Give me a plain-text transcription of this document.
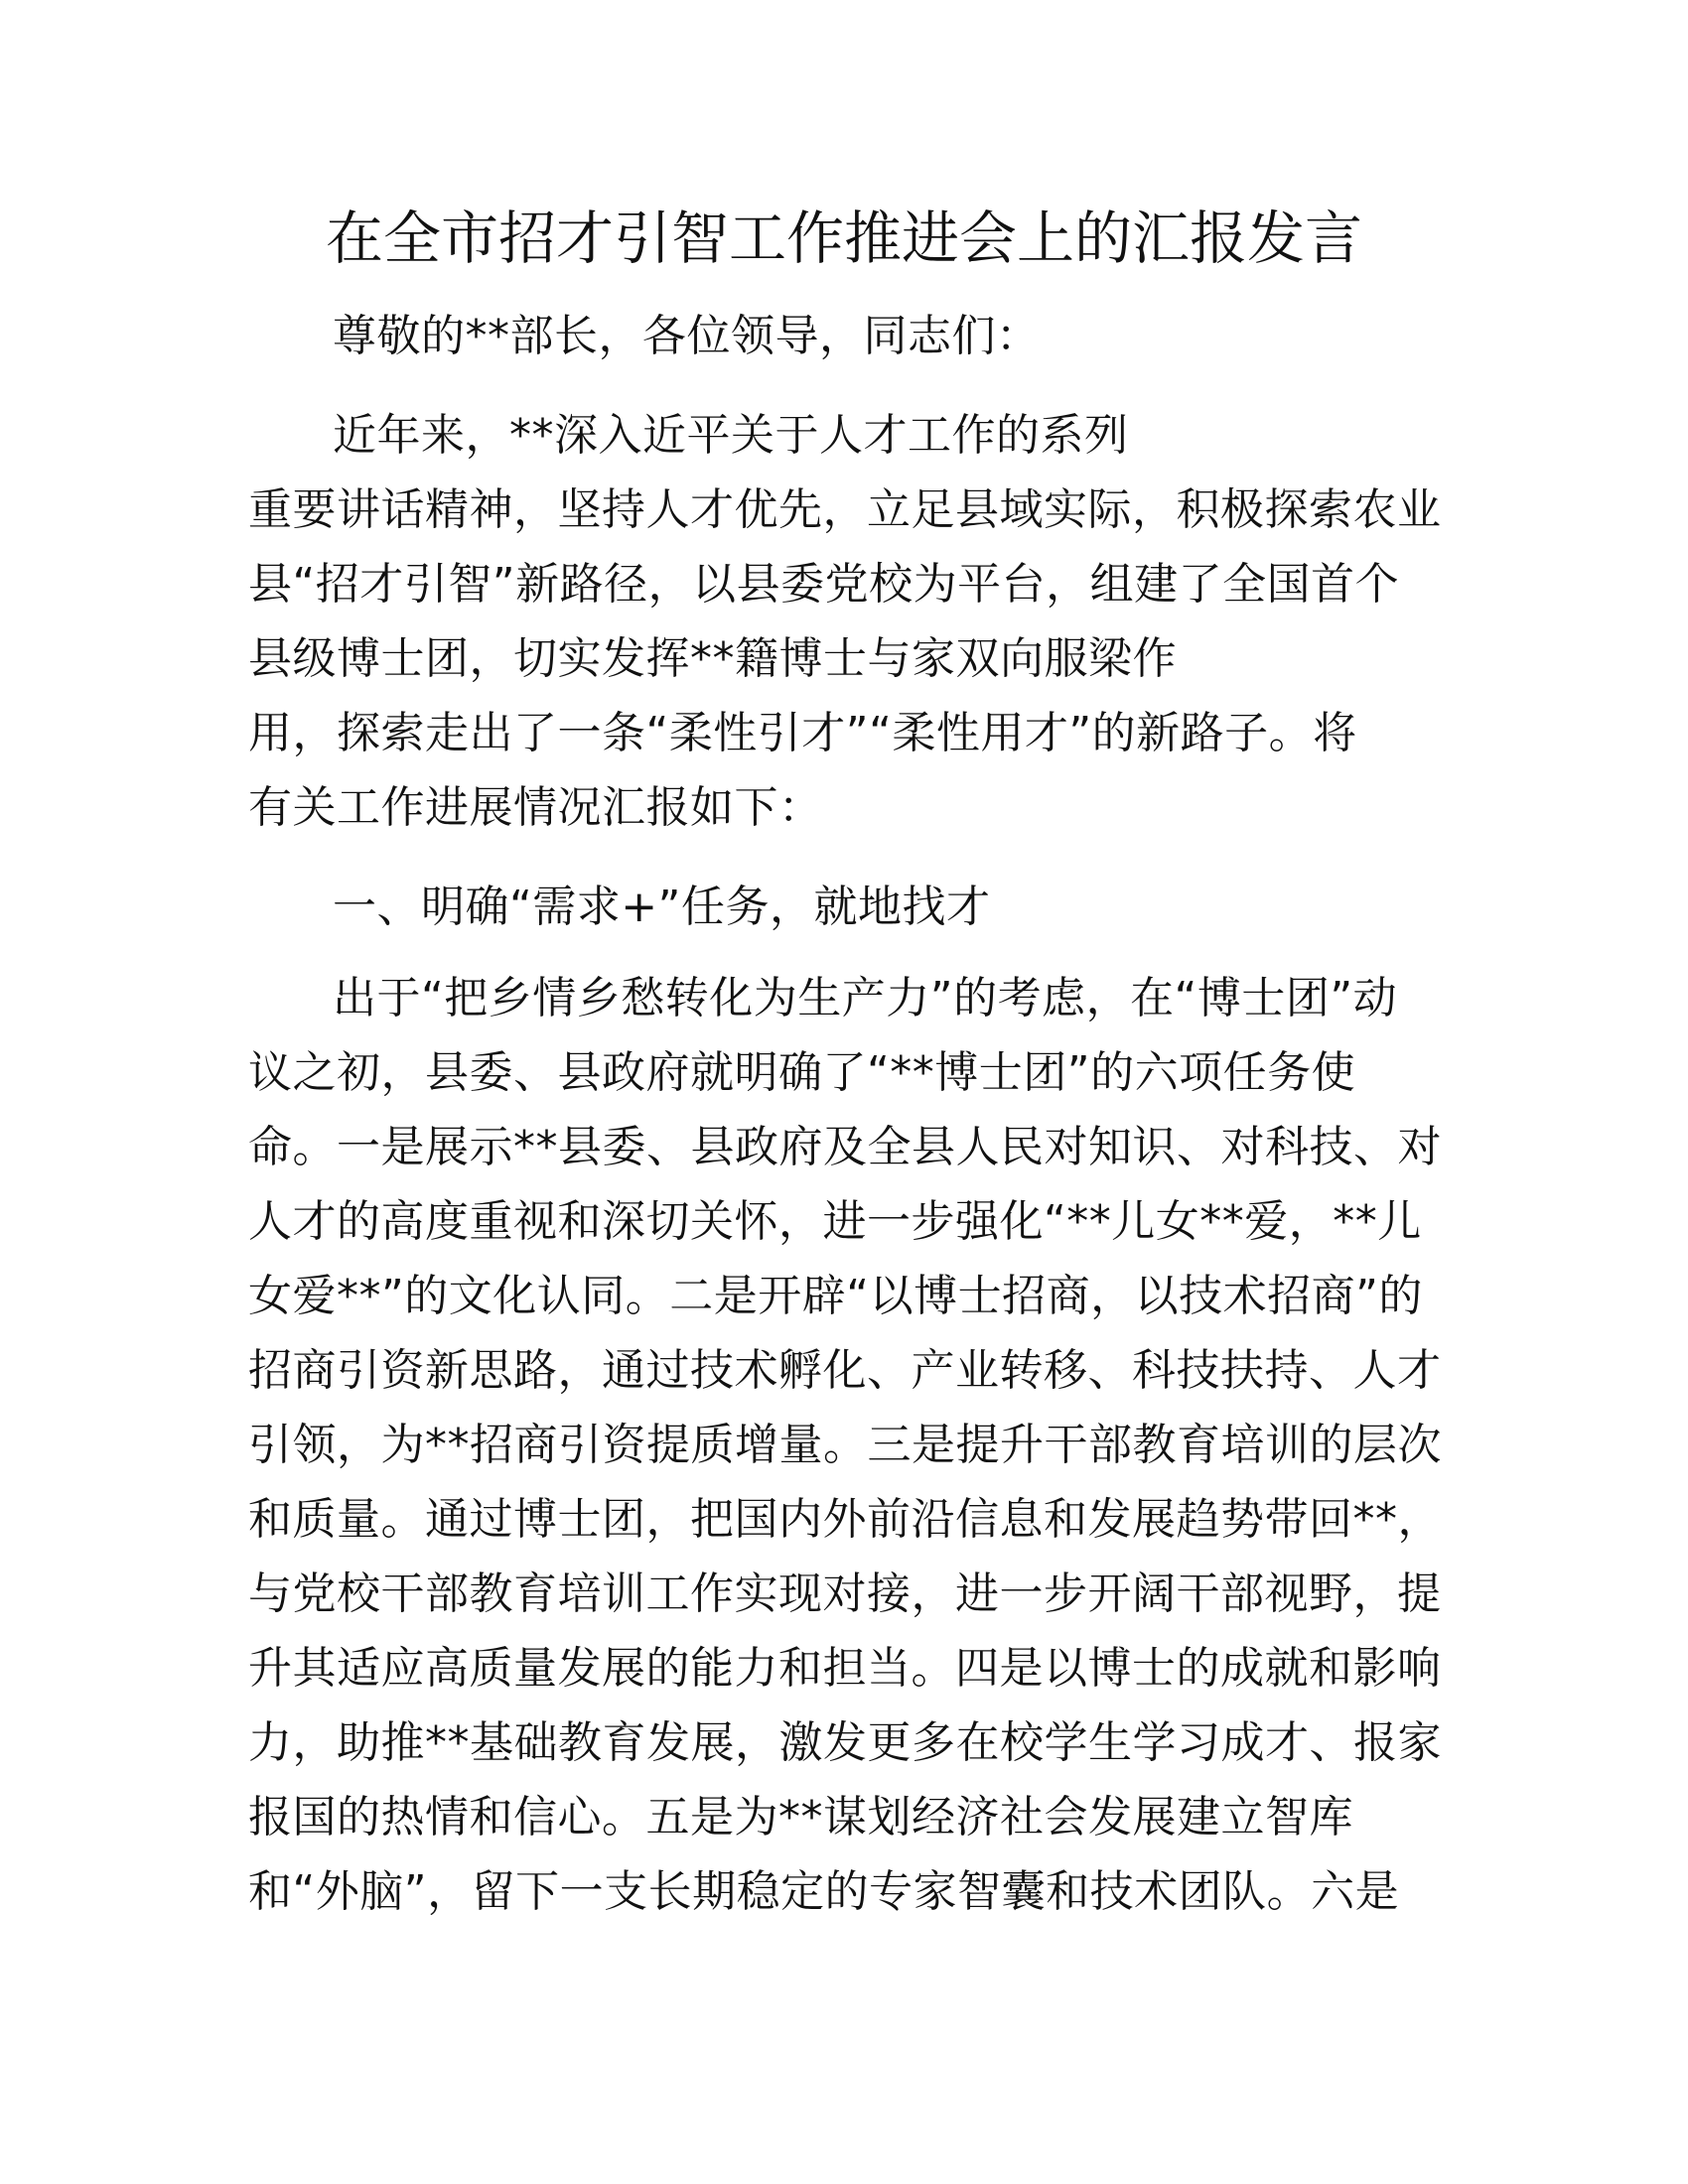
在全市招才引智工作推进会上的汇报发言
尊敬的**部长，各位领导，同志们：
近年来，**深入近平关于人才工作的系列
重要讲话精神，坚持人才优先，立足县域实际，积极探索农业
县“招才引智”新路径，以县委党校为平台，组建了全国首个
县级博士团，切实发挥**籍博士与家双向服梁作
用，探索走出了一条“柔性引才”“柔性用才”的新路子。将
有关工作进展情况汇报如下：
一、明确“需求+”任务，就地找才
出于“把乡情乡愁转化为生产力”的考虑，在“博士团”动
议之初，县委、县政府就明确了“**博士团”的六项任务使
命。一是展示**县委、县政府及全县人民对知识、对科技、对
人才的高度重视和深切关怀，进一步强化“**儿女**爱，**儿
女爱**”的文化认同。二是开辟“以博士招商，以技术招商”的
招商引资新思路，通过技术孵化、产业转移、科技扶持、人才
引领，为**招商引资提质增量。三是提升干部教育培训的层次
和质量。通过博士团，把国内外前沿信息和发展趋势带回**，
与党校干部教育培训工作实现对接，进一步开阔干部视野，提
升其适应高质量发展的能力和担当。四是以博士的成就和影响
力，助推**基础教育发展，激发更多在校学生学习成才、报家
报国的热情和信心。五是为**谋划经济社会发展建立智库
和“外脑”，留下一支长期稳定的专家智囊和技术团队。六是
